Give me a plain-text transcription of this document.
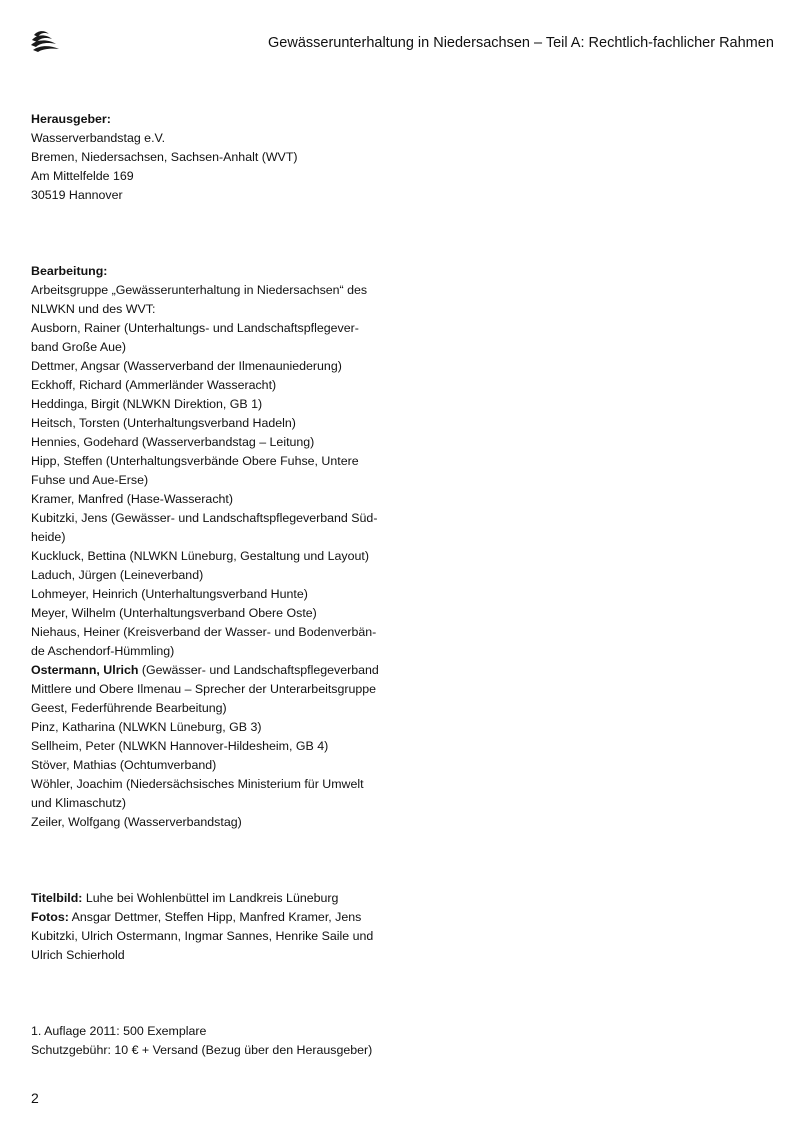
Gewässerunterhaltung in Niedersachsen – Teil A: Rechtlich-fachlicher Rahmen
Herausgeber:
Wasserverbandstag e.V.
Bremen, Niedersachsen, Sachsen-Anhalt (WVT)
Am Mittelfelde 169
30519 Hannover
Bearbeitung:
Arbeitsgruppe „Gewässerunterhaltung in Niedersachsen“ des
NLWKN und des WVT:
Ausborn, Rainer (Unterhaltungs- und Landschaftspflegever-
band Große Aue)
Dettmer, Angsar (Wasserverband der Ilmenauniederung)
Eckhoff, Richard (Ammerländer Wasseracht)
Heddinga, Birgit (NLWKN Direktion, GB 1)
Heitsch, Torsten (Unterhaltungsverband Hadeln)
Hennies, Godehard (Wasserverbandstag – Leitung)
Hipp, Steffen (Unterhaltungsverbände Obere Fuhse, Untere
Fuhse und Aue-Erse)
Kramer, Manfred (Hase-Wasseracht)
Kubitzki, Jens (Gewässer- und Landschaftspflegeverband Süd-
heide)
Kuckluck, Bettina (NLWKN Lüneburg, Gestaltung und Layout)
Laduch, Jürgen (Leineverband)
Lohmeyer, Heinrich (Unterhaltungsverband Hunte)
Meyer, Wilhelm (Unterhaltungsverband Obere Oste)
Niehaus, Heiner (Kreisverband der Wasser- und Bodenverbän-
de Aschendorf-Hümmling)
Ostermann, Ulrich (Gewässer- und Landschaftspflegeverband
Mittlere und Obere Ilmenau – Sprecher der Unterarbeitsgruppe
Geest, Federführende Bearbeitung)
Pinz, Katharina (NLWKN Lüneburg, GB 3)
Sellheim, Peter (NLWKN Hannover-Hildesheim, GB 4)
Stöver, Mathias (Ochtumverband)
Wöhler, Joachim (Niedersächsisches Ministerium für Umwelt
und Klimaschutz)
Zeiler, Wolfgang (Wasserverbandstag)
Titelbild: Luhe bei Wohlenbüttel im Landkreis Lüneburg
Fotos: Ansgar Dettmer, Steffen Hipp, Manfred Kramer, Jens
Kubitzki, Ulrich Ostermann, Ingmar Sannes, Henrike Saile und
Ulrich Schierhold
1. Auflage 2011: 500 Exemplare
Schutzgebühr: 10 € + Versand (Bezug über den Herausgeber)
2
